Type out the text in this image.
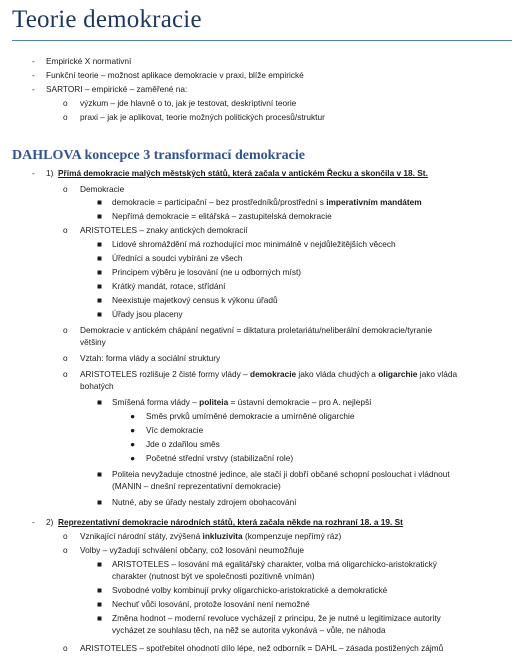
Teorie demokracie
- Empirické X normativní
- Funkční teorie – možnost aplikace demokracie v praxi, blíže empirické
- SARTORI – empirické – zaměřené na:
o výzkum – jde hlavně o to, jak je testovat, deskriptivní teorie
o praxi – jak je aplikovat, teorie možných politických procesů/struktur
DAHLOVA koncepce 3 transformací demokracie
- 1) Přímá demokracie malých městských států, která začala v antickém Řecku a skončila v 18. St.
o Demokracie
■ demokracie = participační – bez prostředníků/prostřední s imperativním mandátem
■ Nepřímá demokracie = elitářská – zastupitelská demokracie
o ARISTOTELES – znaky antických demokracií
■ Lidové shromáždění má rozhodující moc minimálně v nejdůležitějších věcech
■ Úředníci a soudci vybíráni ze všech
■ Principem výběru je losování (ne u odborných míst)
■ Krátký mandát, rotace, střídání
■ Neexistuje majetkový census k výkonu úřadů
■ Úřady jsou placeny
o Demokracie v antickém chápání negativní = diktatura proletariátu/neliberální demokracie/tyranie
většiny
o Vztah: forma vlády a sociální struktury
o ARISTOTELES rozlišuje 2 čisté formy vlády – demokracie jako vláda chudých a oligarchie jako vláda
bohatých
■ Smíšená forma vlády – politeia = ústavní demokracie – pro A. nejlepší
● Směs prvků umírněné demokracie a umírněné oligarchie
● Víc demokracie
● Jde o zdařilou směs
● Početné střední vrstvy (stabilizační role)
■ Politeia nevyžaduje ctnostné jedince, ale stačí ji dobří občané schopní poslouchat i vládnout
(MANIN – dnešní reprezentativní demokracie)
■ Nutné, aby se úřady nestaly zdrojem obohacování
- 2) Reprezentativní demokracie národních států, která začala někde na rozhraní 18. a 19. St
o Vznikající národní státy, zvýšená inkluzivita (kompenzuje nepřímý ráz)
o Volby – vyžadují schválení občany, což losování neumožňuje
■ ARISTOTELES – losování má egalitářský charakter, volba má oligarchicko-aristokratický
charakter (nutnost být ve společnosti pozitivně vnímán)
■ Svobodné volby kombinují prvky oligarchicko-aristokratické a demokratické
■ Nechuť vůči losování, protože losování není nemožné
■ Změna hodnot – moderní revoluce vycházejí z principu, že je nutné u legitimizace autority
vycházet ze souhlasu těch, na něž se autorita vykonává – vůle, ne náhoda
o ARISTOTELES – spotřebitel ohodnotí dílo lépe, než odborník = DAHL – zásada postižených zájmů
